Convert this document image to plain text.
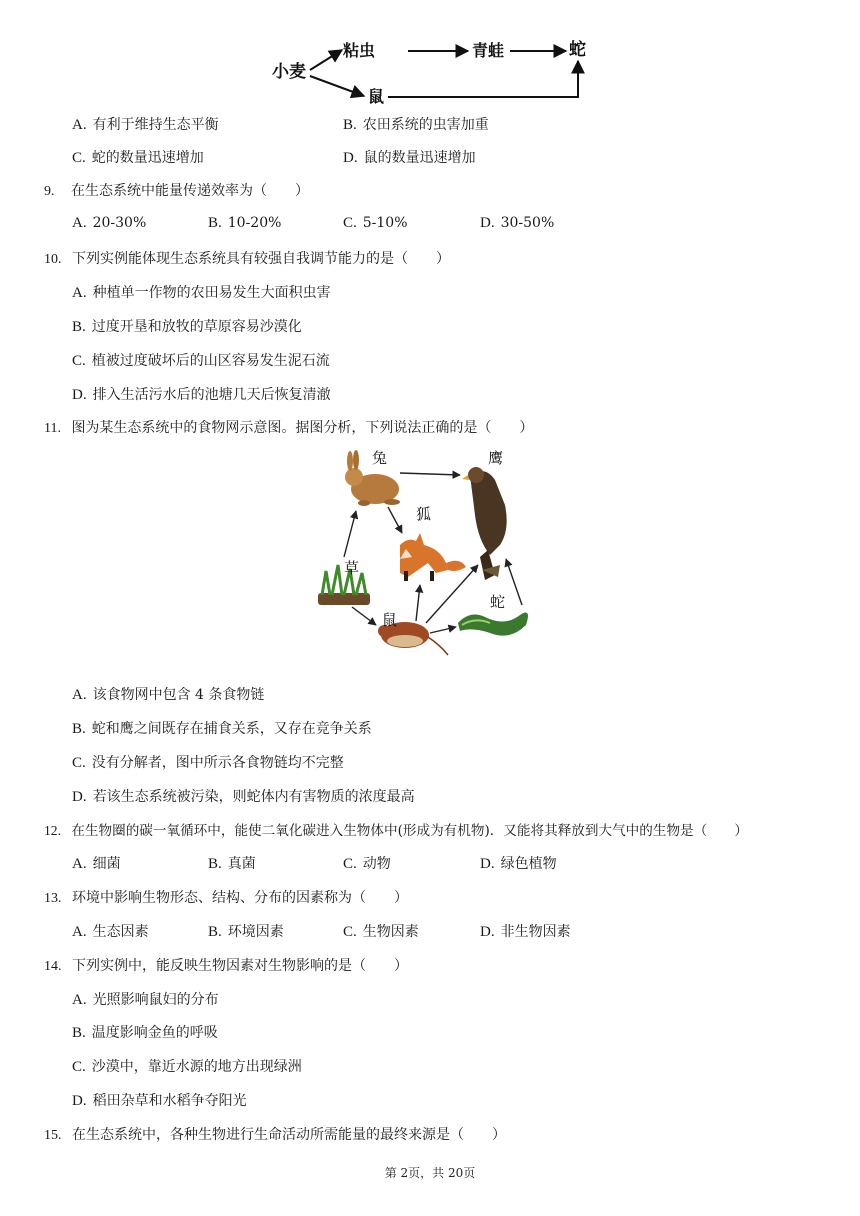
小麦
粘虫	青蛙	蛇
鼠
A. 有利于维持生态平衡	B. 农田系统的虫害加重
C. 蛇的数量迅速增加	D. 鼠的数量迅速增加
9. 在生态系统中能量传递效率为（　　）
A. 20-30%	B. 10-20%	C. 5-10%	D. 30-50%
10. 下列实例能体现生态系统具有较强自我调节能力的是（　　）
A. 种植单一作物的农田易发生大面积虫害
B. 过度开垦和放牧的草原容易沙漠化
C. 植被过度破坏后的山区容易发生泥石流
D. 排入生活污水后的池塘几天后恢复清澈
11. 图为某生态系统中的食物网示意图。据图分析，下列说法正确的是（　　）
兔	鹰
狐
草
蛇
鼠
A. 该食物网中包含 4 条食物链
B. 蛇和鹰之间既存在捕食关系，又存在竞争关系
C. 没有分解者，图中所示各食物链均不完整
D. 若该生态系统被污染，则蛇体内有害物质的浓度最高
12. 在生物圈的碳一氧循环中，能使二氧化碳进入生物体中(形成为有机物)．又能将其释放到大气中的生物是（　　）
A. 细菌	B. 真菌	C. 动物	D. 绿色植物
13. 环境中影响生物形态、结构、分布的因素称为（　　）
A. 生态因素	B. 环境因素	C. 生物因素	D. 非生物因素
14. 下列实例中，能反映生物因素对生物影响的是（　　）
A. 光照影响鼠妇的分布
B. 温度影响金鱼的呼吸
C. 沙漠中，靠近水源的地方出现绿洲
D. 稻田杂草和水稻争夺阳光
15. 在生态系统中，各种生物进行生命活动所需能量的最终来源是（　　）
第 2页，共 20页
